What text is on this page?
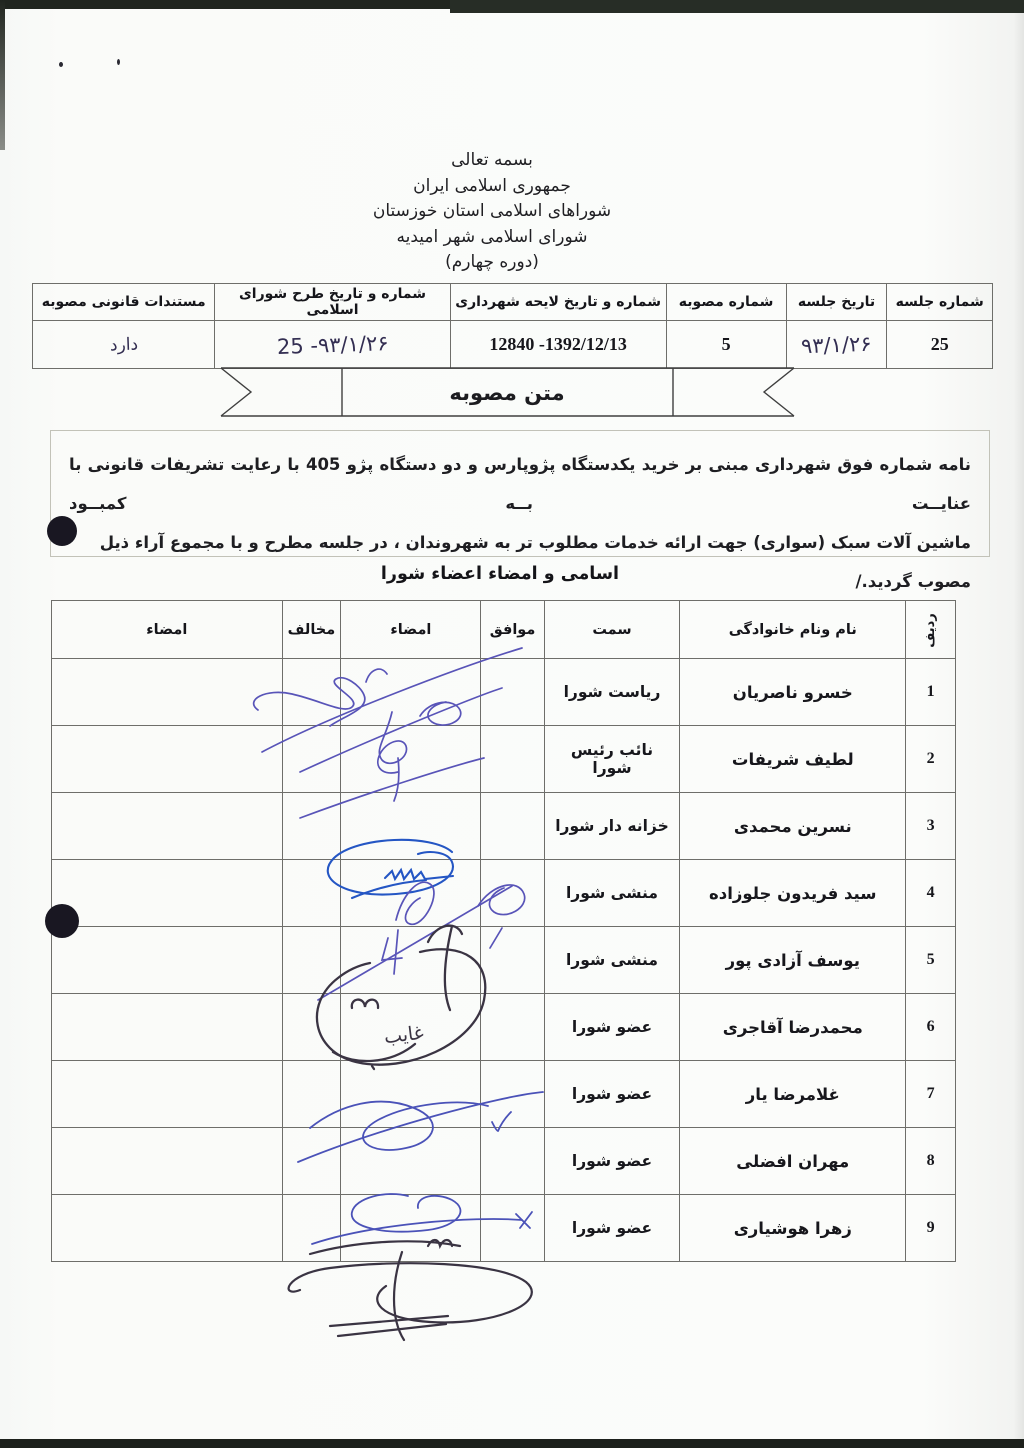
بسمه تعالی
جمهوری اسلامی ایران
شوراهای اسلامی استان خوزستان
شورای اسلامی شهر امیدیه
(دوره چهارم)
شماره جلسه	تاریخ جلسه	شماره مصوبه	شماره و تاریخ لایحه شهرداری	شماره و تاریخ طرح شورای اسلامی	مستندات قانونی مصوبه
25	۹۳/۱/۲۶	5	1392/12/13- 12840	۹۳/۱/۲۶- 25	دارد
متن مصوبه
نامه شماره فوق شهرداری مبنی بر خرید یکدستگاه پژوپارس و دو دستگاه پژو 405 با رعایت تشریفات قانونی با عنایــت بــه کمبــود
ماشین آلات سبک (سواری) جهت ارائه خدمات مطلوب تر به شهروندان ، در جلسه مطرح و با مجموع آراء ذیل مصوب گردید./
اسامی و امضاء اعضاء شورا
ردیف	نام ونام خانوادگی	سمت	موافق	امضاء	مخالف	امضاء
1	خسرو ناصریان	ریاست شورا				
2	لطیف شریفات	نائب رئیس شورا				
3	نسرین محمدی	خزانه دار شورا				
4	سید فریدون جلوزاده	منشی شورا				
5	یوسف آزادی پور	منشی شورا				
6	محمدرضا آقاجری	عضو شورا				
7	غلامرضا یار	عضو شورا				
8	مهران افضلی	عضو شورا				
9	زهرا هوشیاری	عضو شورا				
غایب
